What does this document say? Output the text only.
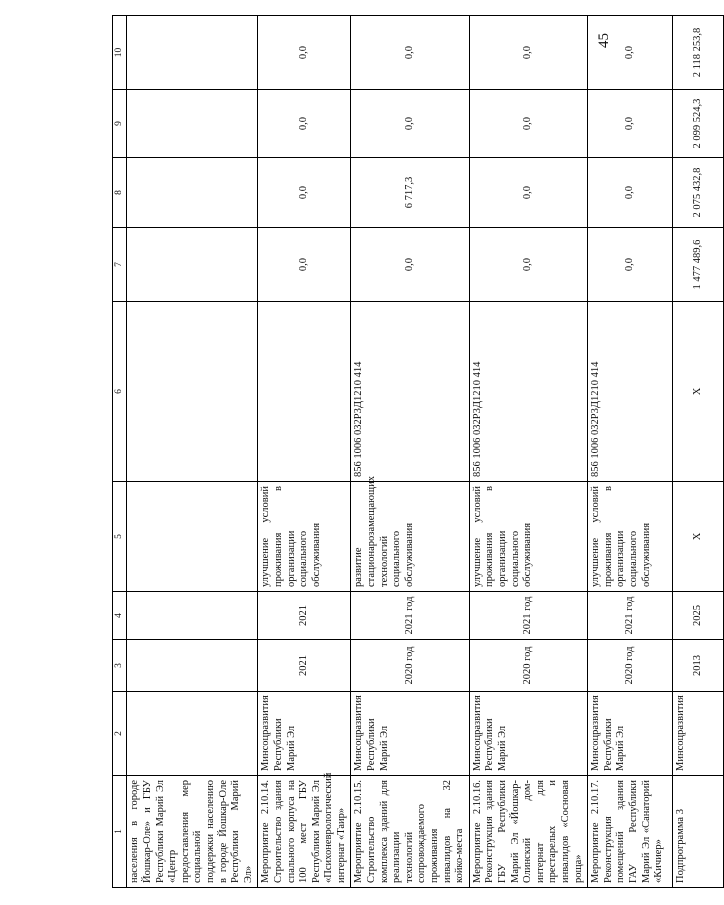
45
1	2	3	4	5	6	7	8	9	10
населения в городе Йошкар-Оле» и ГБУ Республики Марий Эл «Центр предоставления мер социальной поддержки населению в городе Йошкар-Оле Республики Марий Эл»									
Мероприятие 2.10.14. Строительство здания спального корпуса на 100 мест ГБУ Республики Марий Эл «Психоневрологический интернат «Таир»	Минсоцразвития Республики Марий Эл	2021	2021	улучшение условий проживания в организации социального обслуживания		0,0	0,0	0,0	0,0
Мероприятие 2.10.15. Строительство комплекса зданий для реализации технологий сопровождаемого проживания инвалидов на 32 койко-места	Минсоцразвития Республики Марий Эл	2020 год	2021 год	развитие стационарозамещающих технологий социального обслуживания	856 1006 032Р3Д1210 414	0,0	6 717,3	0,0	0,0
Мероприятие 2.10.16. Реконструкция здания ГБУ Республики Марий Эл «Йошкар-Олинский дом-интернат для престарелых и инвалидов «Сосновая роща»	Минсоцразвития Республики Марий Эл	2020 год	2021 год	улучшение условий проживания в организации социального обслуживания	856 1006 032Р3Д1210 414	0,0	0,0	0,0	0,0
Мероприятие 2.10.17. Реконструкция помещений здания ГАУ Республики Марий Эл «Санаторий «Кичиер»	Минсоцразвития Республики Марий Эл	2020 год	2021 год	улучшение условий проживания в организации социального обслуживания	856 1006 032Р3Д1210 414	0,0	0,0	0,0	0,0
Подпрограмма 3	Минсоцразвития	2013	2025	Х	Х	1 477 489,6	2 075 432,8	2 099 524,3	2 118 253,8
